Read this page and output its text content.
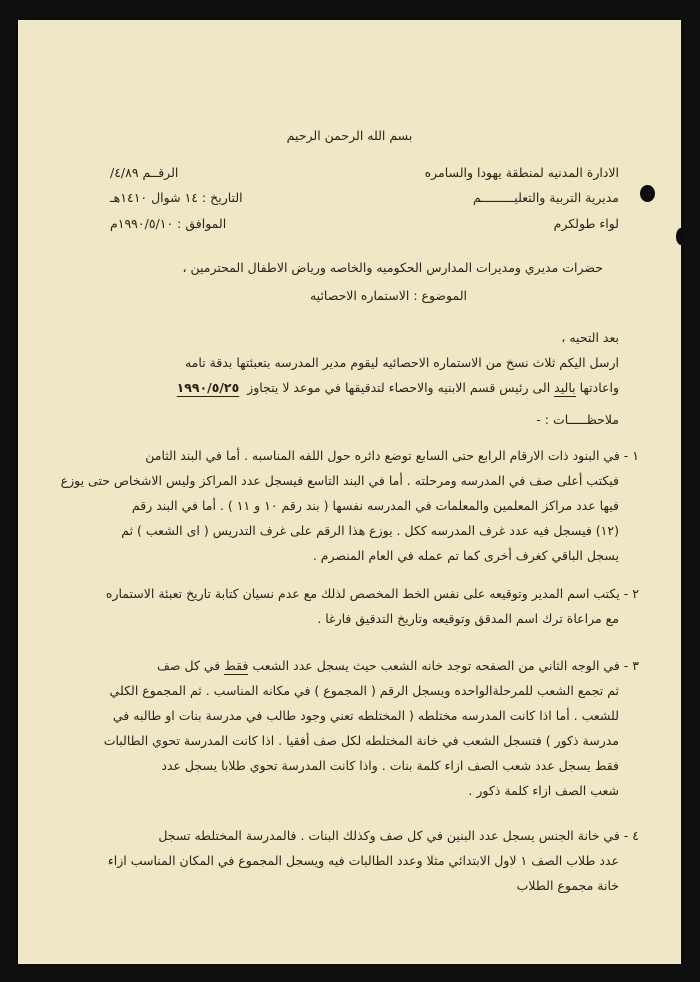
بسم الله الرحمن الرحيم
الادارة المدنيه لمنطقة يهودا والسامره
مديرية التربية والتعليـــــــــم
لواء طولكرم
الرقــم ٤/٨٩/
التاريخ : ١٤ شوال ١٤١٠هـ
الموافق : ١٩٩٠/٥/١٠م
حضرات مديري ومديرات المدارس الحكوميه والخاصه ورياض الاطفال المحترمين ،
الموضوع : الاستماره الاحصائيه
بعد التحيه ،
ارسل اليكم ثلاث نسخ من الاستماره الاحصائيه ليقوم مدير المدرسه بتعبئتها بدقة تامه
واعادتها باليد الى رئيس قسم الابنيه والاحصاء لتدقيقها في موعد لا يتجاوز  ١٩٩٠/٥/٢٥
ملاحظـــــات : -
١ - في البنود ذات الارقام الرابع حتى السابع توضع دائره حول اللفه المناسبه . أما في البند الثامن
فيكتب أعلى صف في المدرسه ومرحلته . أما في البند التاسع فيسجل عدد المراكز وليس الاشخاص حتى يوزع
فيها عدد مراكز المعلمين والمعلمات في المدرسه نفسها ( بند رقم ١٠ و ١١ ) . أما في البند رقم
(١٢) فيسجل فيه عدد غرف المدرسه ككل . يوزع هذا الرقم على غرف التدريس ( اى الشعب ) ثم
يسجل الباقي كغرف أخرى كما تم عمله في العام المنصرم .
٢ - يكتب اسم المدير وتوقيعه على نفس الخط المخصص لذلك مع عدم نسيان كتابة تاريخ تعبئة الاستماره
مع مراعاة ترك اسم المدقق وتوقيعه وتاريخ التدقيق فارغا .
٣ - في الوجه الثاني من الصفحه توجد خانه الشعب حيث يسجل عدد الشعب فقط في كل صف
ثم تجمع الشعب للمرحلةالواحده ويسجل الرقم ( المجموع ) في مكانه المناسب . ثم المجموع الكلي
للشعب . أما اذا كانت المدرسه مختلطه ( المختلطه تعني وجود طالب في مدرسة بنات او طالبه في
مدرسة ذكور ) فتسجل الشعب في خانة المختلطه لكل صف أفقيا . اذا كانت المدرسة تحوي الطالبات
فقط يسجل عدد شعب الصف ازاء كلمة بنات . واذا كانت المدرسة تحوي طلابا يسجل عدد
شعب الصف ازاء كلمة ذكور .
٤ - في خانة الجنس يسجل عدد البنين في كل صف وكذلك البنات . فالمدرسة المختلطه تسجل
عدد طلاب الصف ١ لاول الابتدائي مثلا وعدد الطالبات فيه ويسجل المجموع في المكان المناسب ازاء
خانة مجموع الطلاب
